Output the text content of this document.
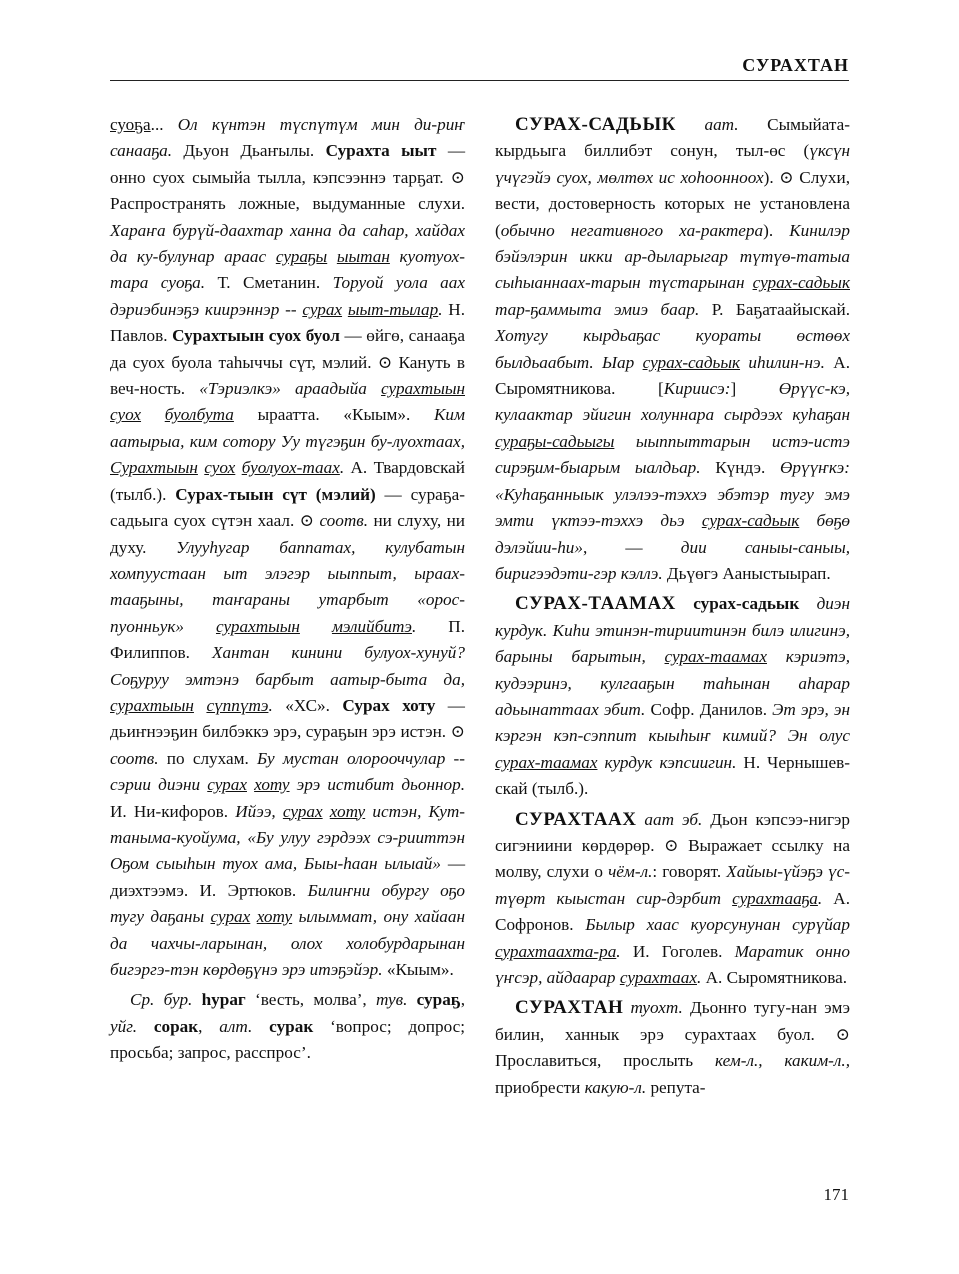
СУРАХТАН

суоҕа... Ол күнтэн түспүтүм мин ди-риҥ санааҕа. Дьуон Дьаҥылы. Сурахта ыыт — онно суох сымыйа тыллa, кэпсээннэ тарҕат. ⊙ Распространять ложные, выдуманные слухи. Хараҥа бурүй-даахтар ханна да саһар, хайдах да ку-булунар араас сураҕы ыытан куотуох-тара суоҕа. Т. Сметанин. Торуой уола аах дэриэбинэҕэ киирэннэр -- сурах ыыт-тылар. Н. Павлов. Сурахтыын суох буол — өйгө, санааҕа да суох буола таһыччы сүт, мэлий. ⊙ Кануть в веч-ность. «Тэриэлкэ» араадыйа сурахтыын суох буолбута ыраатта. «Кыым». Ким аатырыа, ким сотору Уу түгэҕин бу-луохтаах, Сурахтыын суох буолуох-таах. А. Твардовскай (тылб.). Сурах-тыын сүт (мэлий) — сураҕа-садьыга суох сүтэн хаал. ⊙ соотв. ни слуху, ни духу. Улууһугар баппатах, кулубатын хомпуустаан ыт элэгэр ыыппыт, ыраах-тааҕыны, таҥараны утарбыт «орос-пуонньук» сурахтыын мэлийбитэ. П. Филиппов. Хантан кинини булуох-хунуй? Соҕуруу эмтэнэ барбыт аатыр-быта да, сурахтыын сүппүтэ. «ХС». Сурах хоту — дьиҥнээҕин билбэккэ эрэ, сураҕын эрэ истэн. ⊙ соотв. по слухам. Бу мустан олорооччулар -- сэрии диэни сурах хоту эрэ истибит дьоннор. И. Ни-кифоров. Ийээ, сурах хоту истэн, Кут-таныма-куойума, «Бу улуу гэрдээх сэ-рииттэн Оҕом сыыһын туох ама, Быы-һаан ылыай» — диэхтээмэ. И. Эртюков. Билиҥни обургу оҕо тугу даҕаны сурах хоту ылыммат, ону хайаан да чахчы-ларынан, олох холобурдарынан бигэргэ-тэн көрдөҕүнэ эрэ итэҕэйэр. «Кыым».

Ср. бур. һураг ‘весть, молва’, тув. сураҕ, уйг. сорак, алт. сурак ‘вопрос; допрос; просьба; запрос, расспрос’.

СУРАХ-САДЬЫК аат. Сымыйата-кырдьыга биллибэт сонун, тыл-өс (үксүн үчүгэйэ суох, мөлтөх ис хоһоонноох). ⊙ Слухи, вести, достоверность которых не установлена (обычно негативного ха-рактера). Кинилэр бэйэлэрин икки ар-дыларыгар түтүө-татыа сыһыаннаах-тарын түстарынан сурах-садьык тар-ҕаммыта эмиэ баар. Р. Баҕатаайыскай. Хотугу кырдьаҕас куораты өстөөх былдьаабыт. Ыар сурах-садьык иһилин-нэ. А. Сыромятникова. [Кириисэ:] Өрүүс-кэ, кулаактар эйигин холуннара сырдээх куһаҕан сураҕы-садьыгы ыыппыттарын истэ-истэ сирэҕим-быарым ыалдьар. Күндэ. Өрүүҥкэ: «Куһаҕанныык улэлээ-тэххэ эбэтэр тугу эмэ эмти үктээ-тэххэ дьэ сурах-садьык бөҕө дэлэйии-һи», — дии саныы-саныы, биригээдэти-гэр кэллэ. Дьүөгэ Ааныстыырап.

СУРАХ-ТААМАХ сурах-садьык диэн курдук. Киһи этинэн-тириитинэн билэ илигинэ, барыны барытын, сурах-таамах кэриэтэ, кудээринэ, кулгааҕын таһынан аһарар адьынаттаах эбит. Софр. Данилов. Эт эрэ, эн кэргэн кэп-сэппит кыыһыҥ кимий? Эн олус сурах-таамах курдук кэпсиигин. Н. Чернышев-скай (тылб.).

СУРАХТААХ аат эб. Дьон кэпсээ-нигэр сигэниини көрдөрөр. ⊙ Выражает ссылку на молву, слухи о чём-л.: говорят. Хайыы-үйэҕэ үс-түөрт кыыстан сир-дэрбит сурахтааҕа. А. Софронов. Былыр хаас куорсунунан сурүйар сурахтаахта-ра. И. Гоголев. Маратик онно үҥсэр, айдаарар сурахтаах. А. Сыромятникова.

СУРАХТАН туохт. Дьонҥо тугу-нан эмэ билин, ханнык эрэ сурахтаах буол. ⊙ Прославиться, прослыть кем-л., каким-л., приобрести какую-л. репута-

171
